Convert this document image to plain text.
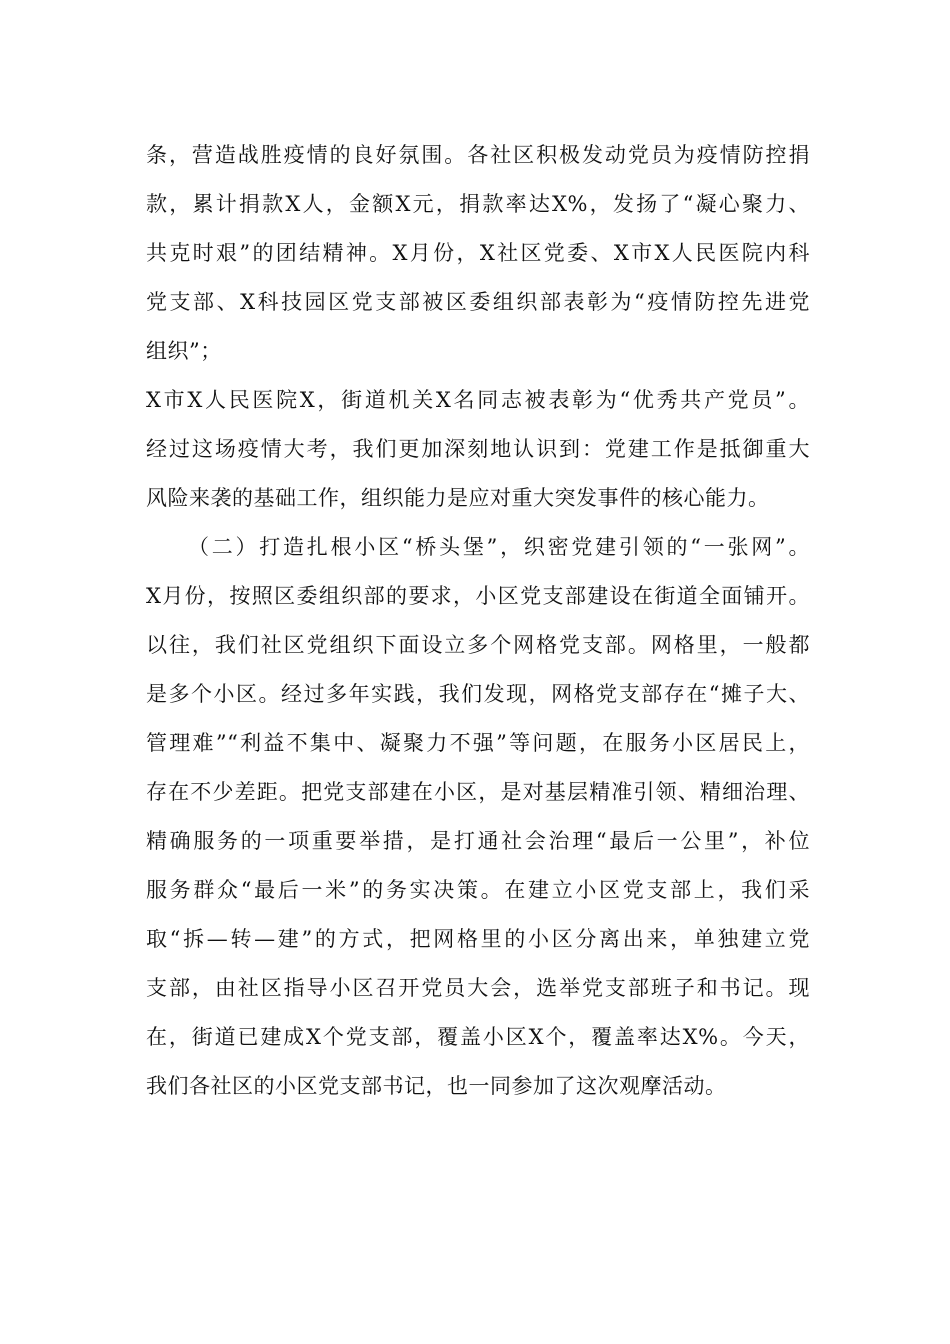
条，营造战胜疫情的良好氛围。各社区积极发动党员为疫情防控捐
款，累计捐款X人，金额X元，捐款率达X%，发扬了“凝心聚力、
共克时艰”的团结精神。X月份，X社区党委、X市X人民医院内科
党支部、X科技园区党支部被区委组织部表彰为“疫情防控先进党
组织”；
X市X人民医院X，街道机关X名同志被表彰为“优秀共产党员”。
经过这场疫情大考，我们更加深刻地认识到：党建工作是抵御重大
风险来袭的基础工作，组织能力是应对重大突发事件的核心能力。
（二）打造扎根小区“桥头堡”，织密党建引领的“一张网”。
X月份，按照区委组织部的要求，小区党支部建设在街道全面铺开。
以往，我们社区党组织下面设立多个网格党支部。网格里，一般都
是多个小区。经过多年实践，我们发现，网格党支部存在“摊子大、
管理难”“利益不集中、凝聚力不强”等问题，在服务小区居民上，
存在不少差距。把党支部建在小区，是对基层精准引领、精细治理、
精确服务的一项重要举措，是打通社会治理“最后一公里”，补位
服务群众“最后一米”的务实决策。在建立小区党支部上，我们采
取“拆—转—建”的方式，把网格里的小区分离出来，单独建立党
支部，由社区指导小区召开党员大会，选举党支部班子和书记。现
在，街道已建成X个党支部，覆盖小区X个，覆盖率达X%。今天，
我们各社区的小区党支部书记，也一同参加了这次观摩活动。
